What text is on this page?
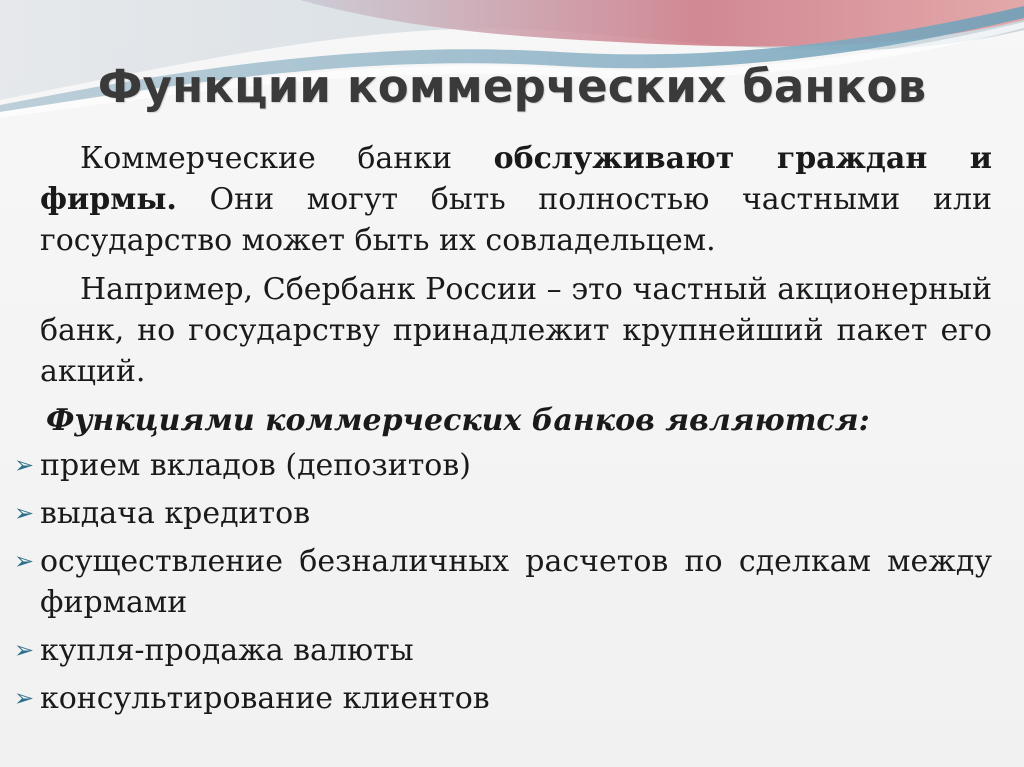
Функции коммерческих банков

Коммерческие банки обслуживают граждан и фирмы. Они могут быть полностью частными или государство может быть их совладельцем.

Например, Сбербанк России – это частный акционерный банк, но государству принадлежит крупнейший пакет его акций.

Функциями коммерческих банков являются:

➢ прием вкладов (депозитов)
➢ выдача кредитов
➢ осуществление безналичных расчетов по сделкам между фирмами
➢ купля-продажа валюты
➢ консультирование клиентов
